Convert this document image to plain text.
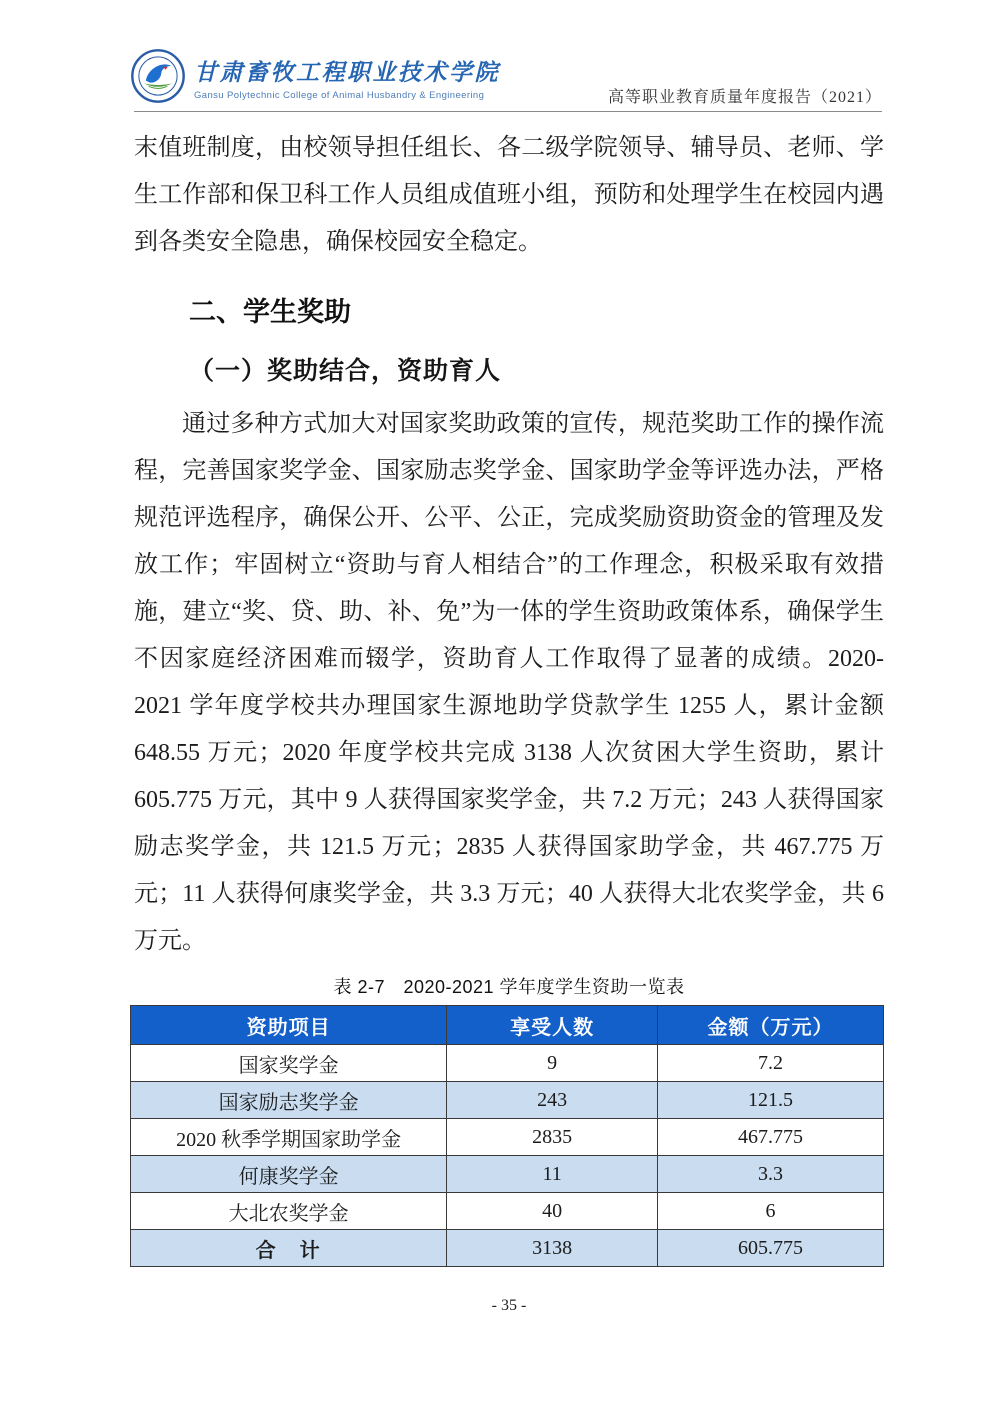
甘肃畜牧工程职业技术学院
Gansu Polytechnic College of Animal Husbandry & Engineering	高等职业教育质量年度报告（2021）

末值班制度，由校领导担任组长、各二级学院领导、辅导员、老师、学生工作部和保卫科工作人员组成值班小组，预防和处理学生在校园内遇到各类安全隐患，确保校园安全稳定。

二、学生奖助
（一）奖助结合，资助育人

通过多种方式加大对国家奖助政策的宣传，规范奖助工作的操作流程，完善国家奖学金、国家励志奖学金、国家助学金等评选办法，严格规范评选程序，确保公开、公平、公正，完成奖励资助资金的管理及发放工作；牢固树立“资助与育人相结合”的工作理念，积极采取有效措施，建立“奖、贷、助、补、免”为一体的学生资助政策体系，确保学生不因家庭经济困难而辍学，资助育人工作取得了显著的成绩。2020-2021 学年度学校共办理国家生源地助学贷款学生 1255 人，累计金额 648.55 万元；2020 年度学校共完成 3138 人次贫困大学生资助，累计 605.775 万元，其中 9 人获得国家奖学金，共 7.2 万元；243 人获得国家励志奖学金，共 121.5 万元；2835 人获得国家助学金，共 467.775 万元；11 人获得何康奖学金，共 3.3 万元；40 人获得大北农奖学金，共 6 万元。

表 2-7　2020-2021 学年度学生资助一览表
资助项目	享受人数	金额（万元）
国家奖学金	9	7.2
国家励志奖学金	243	121.5
2020 秋季学期国家助学金	2835	467.775
何康奖学金	11	3.3
大北农奖学金	40	6
合　计	3138	605.775
- 35 -
